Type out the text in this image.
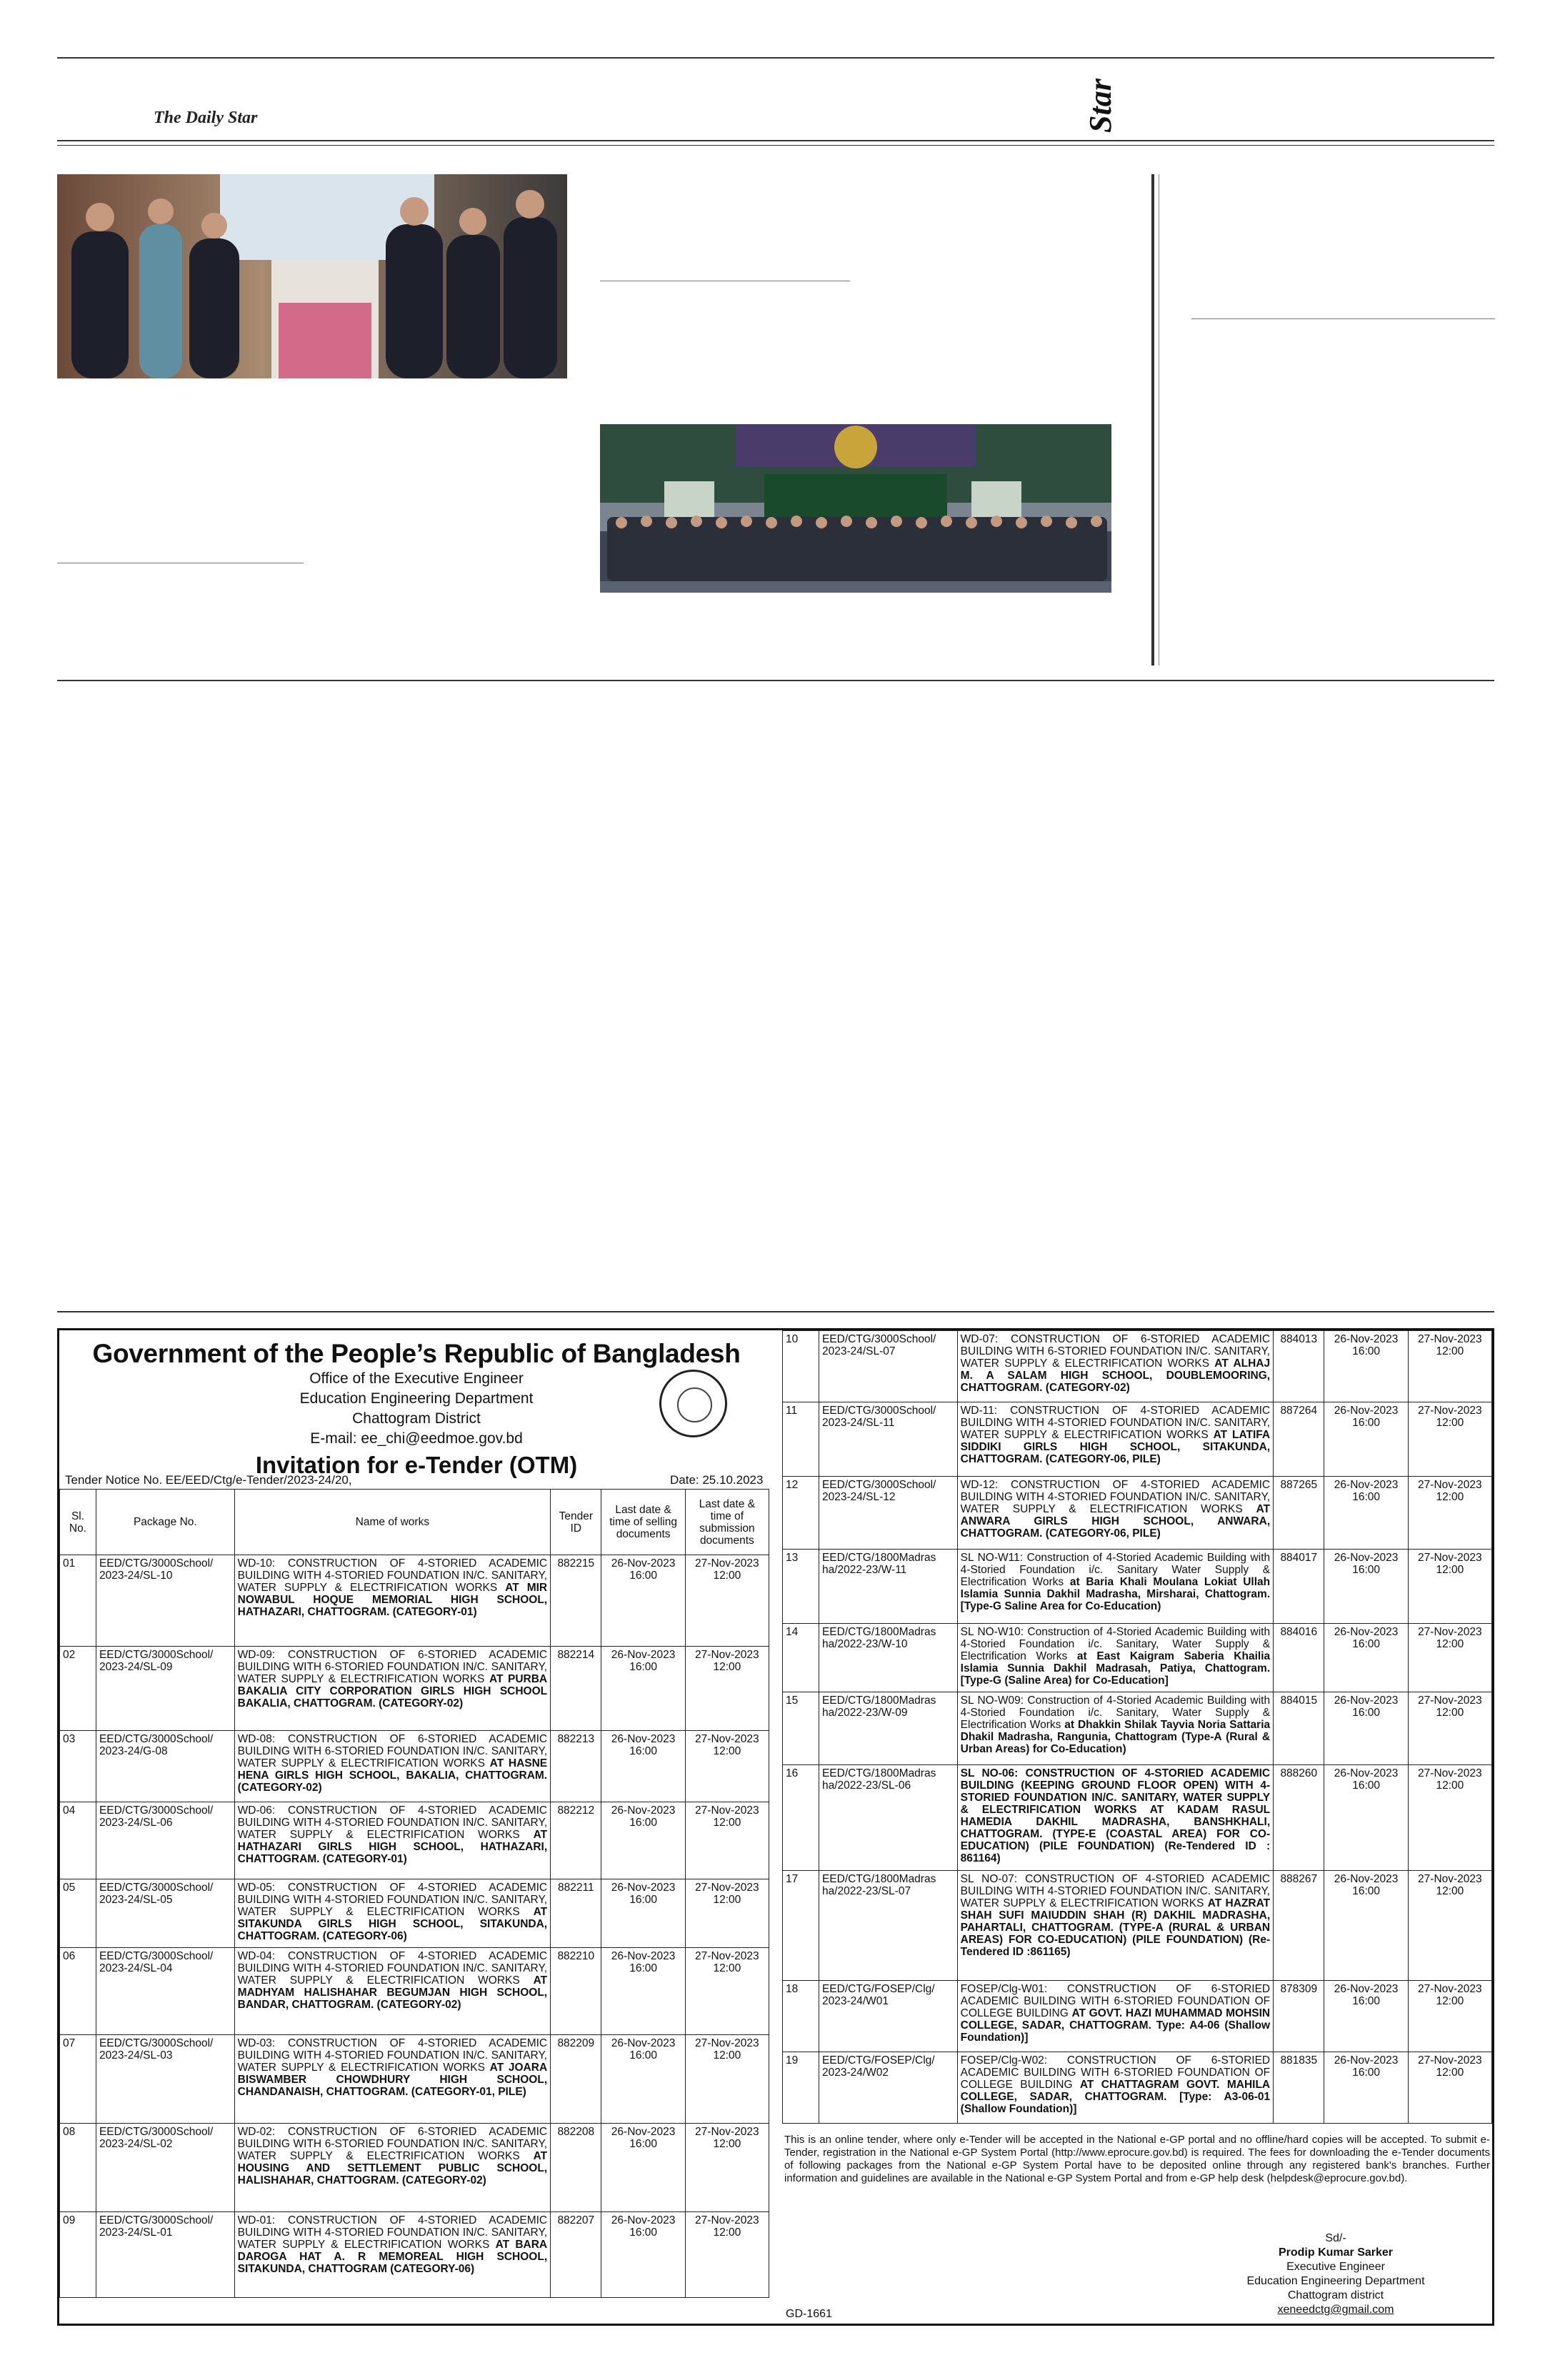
The Daily Star	Star
Government of the People’s Republic of Bangladesh
Office of the Executive Engineer
Education Engineering Department
Chattogram District
E-mail: ee_chi@eedmoe.gov.bd
Invitation for e-Tender (OTM)
Tender Notice No. EE/EED/Ctg/e-Tender/2023-24/20,	Date: 25.10.2023
Sl. No.	Package No.	Name of works	Tender ID	Last date & time of selling documents	Last date & time of submission documents
01	EED/CTG/3000School/ 2023-24/SL-10	WD-10: CONSTRUCTION OF 4-STORIED ACADEMIC BUILDING WITH 4-STORIED FOUNDATION IN/C. SANITARY, WATER SUPPLY & ELECTRIFICATION WORKS AT MIR NOWABUL HOQUE MEMORIAL HIGH SCHOOL, HATHAZARI, CHATTOGRAM. (CATEGORY-01)	882215	26-Nov-2023 16:00	27-Nov-2023 12:00
02	EED/CTG/3000School/ 2023-24/SL-09	WD-09: CONSTRUCTION OF 6-STORIED ACADEMIC BUILDING WITH 6-STORIED FOUNDATION IN/C. SANITARY, WATER SUPPLY & ELECTRIFICATION WORKS AT PURBA BAKALIA CITY CORPORATION GIRLS HIGH SCHOOL BAKALIA, CHATTOGRAM. (CATEGORY-02)	882214	26-Nov-2023 16:00	27-Nov-2023 12:00
03	EED/CTG/3000School/ 2023-24/G-08	WD-08: CONSTRUCTION OF 6-STORIED ACADEMIC BUILDING WITH 6-STORIED FOUNDATION IN/C. SANITARY, WATER SUPPLY & ELECTRIFICATION WORKS AT HASNE HENA GIRLS HIGH SCHOOL, BAKALIA, CHATTOGRAM. (CATEGORY-02)	882213	26-Nov-2023 16:00	27-Nov-2023 12:00
04	EED/CTG/3000School/ 2023-24/SL-06	WD-06: CONSTRUCTION OF 4-STORIED ACADEMIC BUILDING WITH 4-STORIED FOUNDATION IN/C. SANITARY, WATER SUPPLY & ELECTRIFICATION WORKS AT HATHAZARI GIRLS HIGH SCHOOL, HATHAZARI, CHATTOGRAM. (CATEGORY-01)	882212	26-Nov-2023 16:00	27-Nov-2023 12:00
05	EED/CTG/3000School/ 2023-24/SL-05	WD-05: CONSTRUCTION OF 4-STORIED ACADEMIC BUILDING WITH 4-STORIED FOUNDATION IN/C. SANITARY, WATER SUPPLY & ELECTRIFICATION WORKS AT SITAKUNDA GIRLS HIGH SCHOOL, SITAKUNDA, CHATTOGRAM. (CATEGORY-06)	882211	26-Nov-2023 16:00	27-Nov-2023 12:00
06	EED/CTG/3000School/ 2023-24/SL-04	WD-04: CONSTRUCTION OF 4-STORIED ACADEMIC BUILDING WITH 4-STORIED FOUNDATION IN/C. SANITARY, WATER SUPPLY & ELECTRIFICATION WORKS AT MADHYAM HALISHAHAR BEGUMJAN HIGH SCHOOL, BANDAR, CHATTOGRAM. (CATEGORY-02)	882210	26-Nov-2023 16:00	27-Nov-2023 12:00
07	EED/CTG/3000School/ 2023-24/SL-03	WD-03: CONSTRUCTION OF 4-STORIED ACADEMIC BUILDING WITH 4-STORIED FOUNDATION IN/C. SANITARY, WATER SUPPLY & ELECTRIFICATION WORKS AT JOARA BISWAMBER CHOWDHURY HIGH SCHOOL, CHANDANAISH, CHATTOGRAM. (CATEGORY-01, PILE)	882209	26-Nov-2023 16:00	27-Nov-2023 12:00
08	EED/CTG/3000School/ 2023-24/SL-02	WD-02: CONSTRUCTION OF 6-STORIED ACADEMIC BUILDING WITH 6-STORIED FOUNDATION IN/C. SANITARY, WATER SUPPLY & ELECTRIFICATION WORKS AT HOUSING AND SETTLEMENT PUBLIC SCHOOL, HALISHAHAR, CHATTOGRAM. (CATEGORY-02)	882208	26-Nov-2023 16:00	27-Nov-2023 12:00
09	EED/CTG/3000School/ 2023-24/SL-01	WD-01: CONSTRUCTION OF 4-STORIED ACADEMIC BUILDING WITH 4-STORIED FOUNDATION IN/C. SANITARY, WATER SUPPLY & ELECTRIFICATION WORKS AT BARA DAROGA HAT A. R MEMOREAL HIGH SCHOOL, SITAKUNDA, CHATTOGRAM (CATEGORY-06)	882207	26-Nov-2023 16:00	27-Nov-2023 12:00
10	EED/CTG/3000School/ 2023-24/SL-07	WD-07: CONSTRUCTION OF 6-STORIED ACADEMIC BUILDING WITH 6-STORIED FOUNDATION IN/C. SANITARY, WATER SUPPLY & ELECTRIFICATION WORKS AT ALHAJ M. A SALAM HIGH SCHOOL, DOUBLEMOORING, CHATTOGRAM. (CATEGORY-02)	884013	26-Nov-2023 16:00	27-Nov-2023 12:00
11	EED/CTG/3000School/ 2023-24/SL-11	WD-11: CONSTRUCTION OF 4-STORIED ACADEMIC BUILDING WITH 4-STORIED FOUNDATION IN/C. SANITARY, WATER SUPPLY & ELECTRIFICATION WORKS AT LATIFA SIDDIKI GIRLS HIGH SCHOOL, SITAKUNDA, CHATTOGRAM. (CATEGORY-06, PILE)	887264	26-Nov-2023 16:00	27-Nov-2023 12:00
12	EED/CTG/3000School/ 2023-24/SL-12	WD-12: CONSTRUCTION OF 4-STORIED ACADEMIC BUILDING WITH 4-STORIED FOUNDATION IN/C. SANITARY, WATER SUPPLY & ELECTRIFICATION WORKS AT ANWARA GIRLS HIGH SCHOOL, ANWARA, CHATTOGRAM. (CATEGORY-06, PILE)	887265	26-Nov-2023 16:00	27-Nov-2023 12:00
13	EED/CTG/1800Madras ha/2022-23/W-11	SL NO-W11: Construction of 4-Storied Academic Building with 4-Storied Foundation i/c. Sanitary Water Supply & Electrification Works at Baria Khali Moulana Lokiat Ullah Islamia Sunnia Dakhil Madrasha, Mirsharai, Chattogram. [Type-G Saline Area for Co-Education)	884017	26-Nov-2023 16:00	27-Nov-2023 12:00
14	EED/CTG/1800Madras ha/2022-23/W-10	SL NO-W10: Construction of 4-Storied Academic Building with 4-Storied Foundation i/c. Sanitary, Water Supply & Electrification Works at East Kaigram Saberia Khailia Islamia Sunnia Dakhil Madrasah, Patiya, Chattogram. [Type-G (Saline Area) for Co-Education]	884016	26-Nov-2023 16:00	27-Nov-2023 12:00
15	EED/CTG/1800Madras ha/2022-23/W-09	SL NO-W09: Construction of 4-Storied Academic Building with 4-Storied Foundation i/c. Sanitary, Water Supply & Electrification Works at Dhakkin Shilak Tayvia Noria Sattaria Dhakil Madrasha, Rangunia, Chattogram (Type-A (Rural & Urban Areas) for Co-Education)	884015	26-Nov-2023 16:00	27-Nov-2023 12:00
16	EED/CTG/1800Madras ha/2022-23/SL-06	SL NO-06: CONSTRUCTION OF 4-STORIED ACADEMIC BUILDING (KEEPING GROUND FLOOR OPEN) WITH 4-STORIED FOUNDATION IN/C. SANITARY, WATER SUPPLY & ELECTRIFICATION WORKS AT KADAM RASUL HAMEDIA DAKHIL MADRASHA, BANSHKHALI, CHATTOGRAM. (TYPE-E (COASTAL AREA) FOR CO-EDUCATION) (PILE FOUNDATION) (Re-Tendered ID : 861164)	888260	26-Nov-2023 16:00	27-Nov-2023 12:00
17	EED/CTG/1800Madras ha/2022-23/SL-07	SL NO-07: CONSTRUCTION OF 4-STORIED ACADEMIC BUILDING WITH 4-STORIED FOUNDATION IN/C. SANITARY, WATER SUPPLY & ELECTRIFICATION WORKS AT HAZRAT SHAH SUFI MAIUDDIN SHAH (R) DAKHIL MADRASHA, PAHARTALI, CHATTOGRAM. (TYPE-A (RURAL & URBAN AREAS) FOR CO-EDUCATION) (PILE FOUNDATION) (Re-Tendered ID :861165)	888267	26-Nov-2023 16:00	27-Nov-2023 12:00
18	EED/CTG/FOSEP/Clg/ 2023-24/W01	FOSEP/Clg-W01: CONSTRUCTION OF 6-STORIED ACADEMIC BUILDING WITH 6-STORIED FOUNDATION OF COLLEGE BUILDING AT GOVT. HAZI MUHAMMAD MOHSIN COLLEGE, SADAR, CHATTOGRAM. Type: A4-06 (Shallow Foundation)]	878309	26-Nov-2023 16:00	27-Nov-2023 12:00
19	EED/CTG/FOSEP/Clg/ 2023-24/W02	FOSEP/Clg-W02: CONSTRUCTION OF 6-STORIED ACADEMIC BUILDING WITH 6-STORIED FOUNDATION OF COLLEGE BUILDING AT CHATTAGRAM GOVT. MAHILA COLLEGE, SADAR, CHATTOGRAM. [Type: A3-06-01 (Shallow Foundation)]	881835	26-Nov-2023 16:00	27-Nov-2023 12:00
This is an online tender, where only e-Tender will be accepted in the National e-GP portal and no offline/hard copies will be accepted. To submit e-Tender, registration in the National e-GP System Portal (http://www.eprocure.gov.bd) is required. The fees for downloading the e-Tender documents of following packages from the National e-GP System Portal have to be deposited online through any registered bank's branches. Further information and guidelines are available in the National e-GP System Portal and from e-GP help desk (helpdesk@eprocure.gov.bd).
Sd/-
Prodip Kumar Sarker
Executive Engineer
Education Engineering Department
Chattogram district
xeneedctg@gmail.com
GD-1661
